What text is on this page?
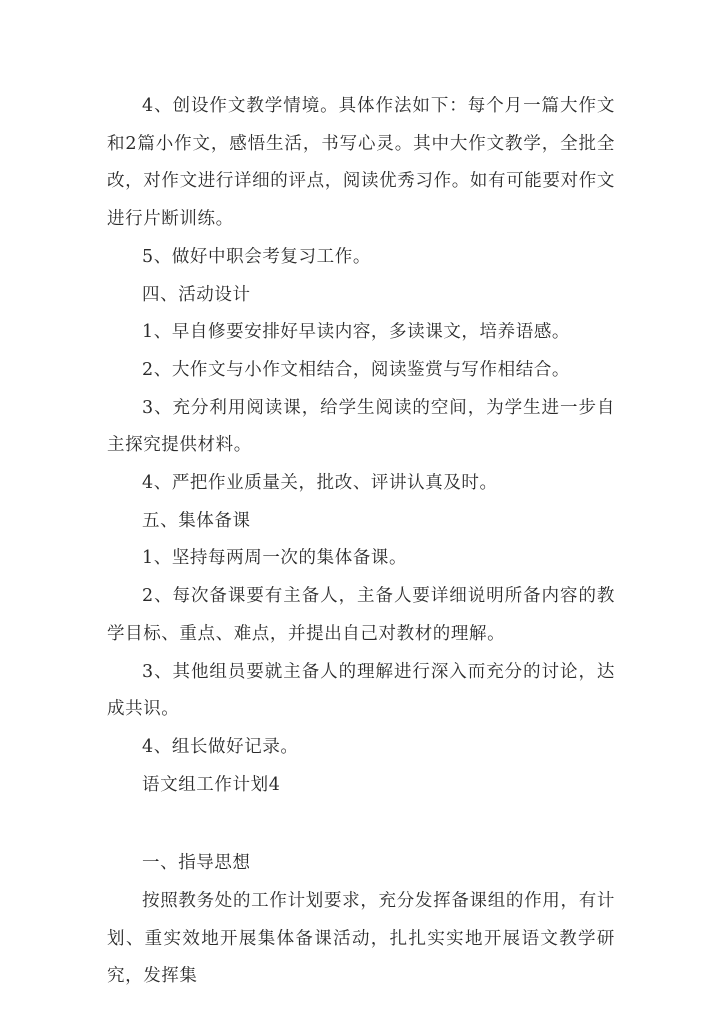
4、创设作文教学情境。具体作法如下：每个月一篇大作文和2篇小作文，感悟生活，书写心灵。其中大作文教学，全批全改，对作文进行详细的评点，阅读优秀习作。如有可能要对作文进行片断训练。

5、做好中职会考复习工作。

四、活动设计

1、早自修要安排好早读内容，多读课文，培养语感。

2、大作文与小作文相结合，阅读鉴赏与写作相结合。

3、充分利用阅读课，给学生阅读的空间，为学生进一步自主探究提供材料。

4、严把作业质量关，批改、评讲认真及时。

五、集体备课

1、坚持每两周一次的集体备课。

2、每次备课要有主备人，主备人要详细说明所备内容的教学目标、重点、难点，并提出自己对教材的理解。

3、其他组员要就主备人的理解进行深入而充分的讨论，达成共识。

4、组长做好记录。

语文组工作计划4

一、指导思想

按照教务处的工作计划要求，充分发挥备课组的作用，有计划、重实效地开展集体备课活动，扎扎实实地开展语文教学研究，发挥集
